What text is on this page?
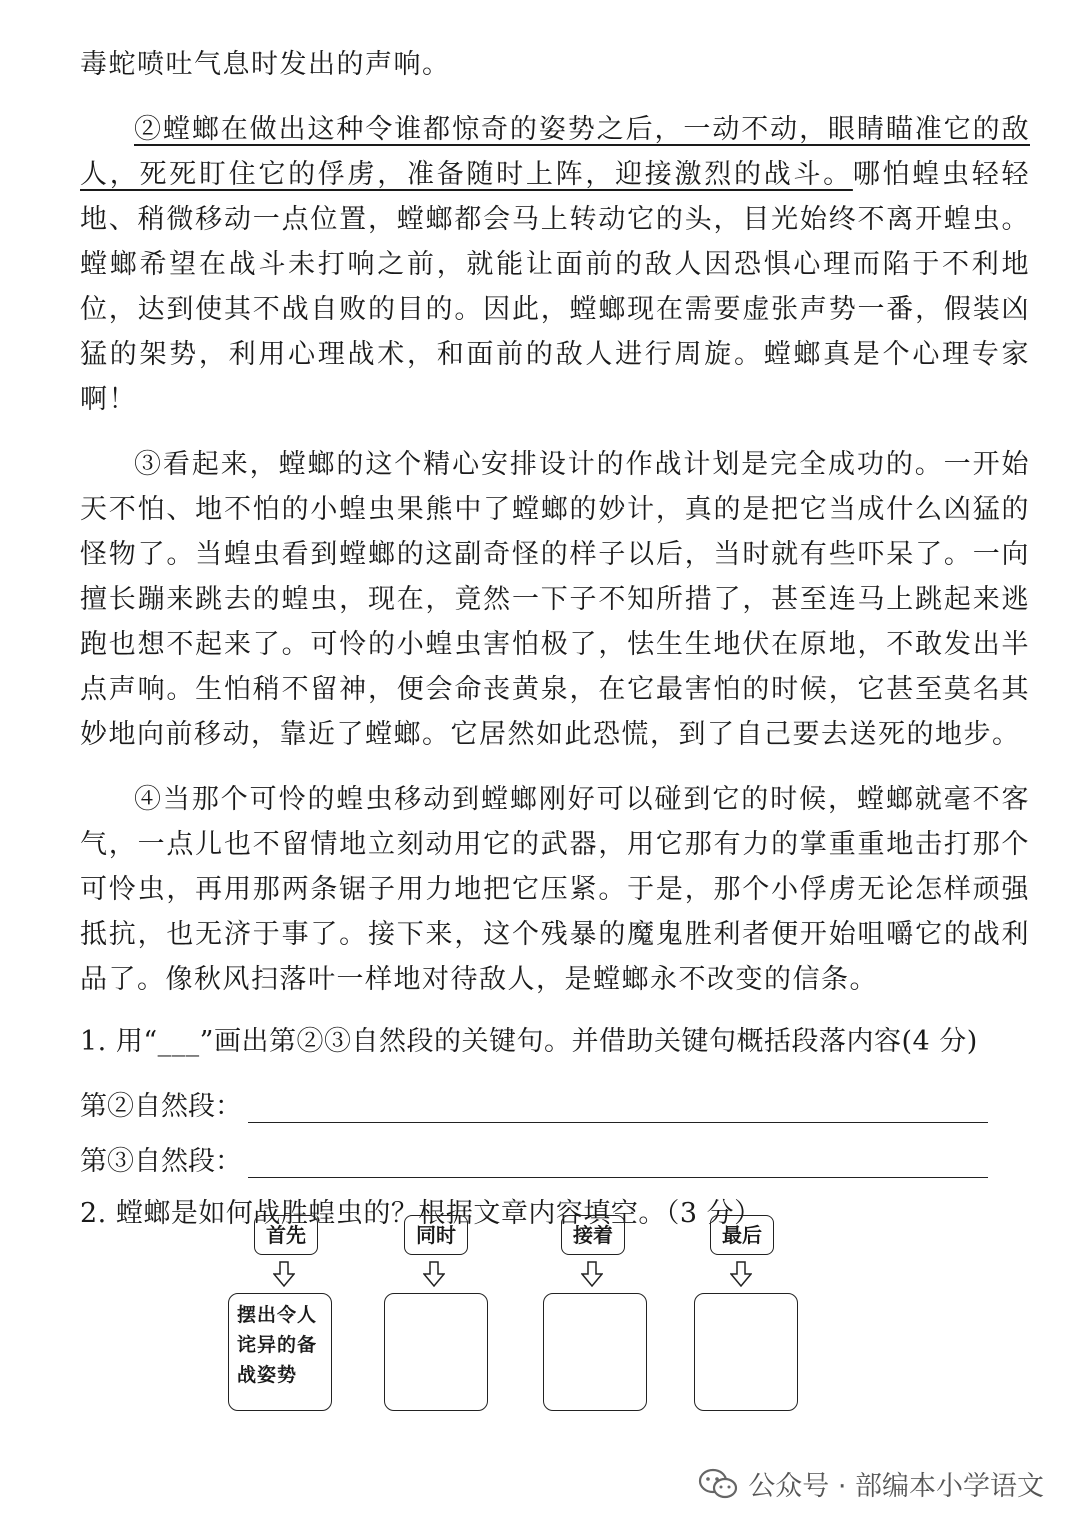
毒蛇喷吐气息时发出的声响。

②螳螂在做出这种令谁都惊奇的姿势之后，一动不动，眼睛瞄准它的敌人，死死盯住它的俘虏，准备随时上阵，迎接激烈的战斗。哪怕蝗虫轻轻地、稍微移动一点位置，螳螂都会马上转动它的头，目光始终不离开蝗虫。螳螂希望在战斗未打响之前，就能让面前的敌人因恐惧心理而陷于不利地位，达到使其不战自败的目的。因此，螳螂现在需要虚张声势一番，假装凶猛的架势，利用心理战术，和面前的敌人进行周旋。螳螂真是个心理专家啊！

③看起来，螳螂的这个精心安排设计的作战计划是完全成功的。一开始天不怕、地不怕的小蝗虫果熊中了螳螂的妙计，真的是把它当成什么凶猛的怪物了。当蝗虫看到螳螂的这副奇怪的样子以后，当时就有些吓呆了。一向擅长蹦来跳去的蝗虫，现在，竟然一下子不知所措了，甚至连马上跳起来逃跑也想不起来了。可怜的小蝗虫害怕极了，怯生生地伏在原地，不敢发出半点声响。生怕稍不留神，便会命丧黄泉，在它最害怕的时候，它甚至莫名其妙地向前移动，靠近了螳螂。它居然如此恐慌，到了自己要去送死的地步。

④当那个可怜的蝗虫移动到螳螂刚好可以碰到它的时候，螳螂就毫不客气，一点儿也不留情地立刻动用它的武器，用它那有力的掌重重地击打那个可怜虫，再用那两条锯子用力地把它压紧。于是，那个小俘虏无论怎样顽强抵抗，也无济于事了。接下来，这个残暴的魔鬼胜利者便开始咀嚼它的战利品了。像秋风扫落叶一样地对待敌人，是螳螂永不改变的信条。

1. 用“___”画出第②③自然段的关键句。并借助关键句概括段落内容(4 分)

第②自然段：
第③自然段：

2. 螳螂是如何战胜蝗虫的？根据文章内容填空。（3 分）

首先
摆出令人诧异的备战姿势
同时	接着	最后
公众号 · 部编本小学语文
